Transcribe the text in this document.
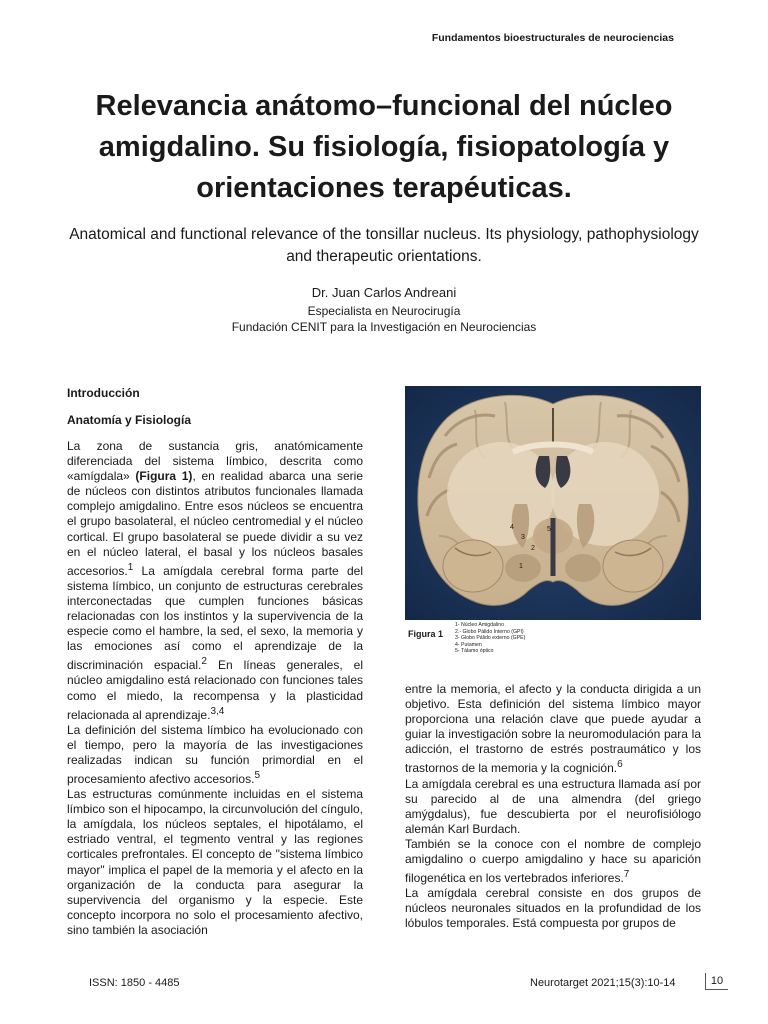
Fundamentos bioestructurales de neurociencias
Relevancia anátomo–funcional del núcleo amigdalino. Su fisiología, fisiopatología y orientaciones terapéuticas.

Anatomical and functional relevance of the tonsillar nucleus. Its physiology, pathophysiology and therapeutic orientations.

Dr. Juan Carlos Andreani
Especialista en Neurocirugía
Fundación CENIT para la Investigación en Neurociencias

Introducción

Anatomía y Fisiología

La zona de sustancia gris, anatómicamente diferenciada del sistema límbico, descrita como «amígdala» (Figura 1), en realidad abarca una serie de núcleos con distintos atributos funcionales llamada complejo amigdalino. Entre esos núcleos se encuentra el grupo basolateral, el núcleo centromedial y el núcleo cortical. El grupo basolateral se puede dividir a su vez en el núcleo lateral, el basal y los núcleos basales accesorios.$^1$ La amígdala cerebral forma parte del sistema límbico, un conjunto de estructuras cerebrales interconectadas que cumplen funciones básicas relacionadas con los instintos y la supervivencia de la especie como el hambre, la sed, el sexo, la memoria y las emociones así como el aprendizaje de la discriminación espacial.$^2$ En líneas generales, el núcleo amigdalino está relacionado con funciones tales como el miedo, la recompensa y la plasticidad relacionada al aprendizaje.$^{3,4}$

La definición del sistema límbico ha evolucionado con el tiempo, pero la mayoría de las investigaciones realizadas indican su función primordial en el procesamiento afectivo accesorios.$^5$

Las estructuras comúnmente incluidas en el sistema límbico son el hipocampo, la circunvolución del cíngulo, la amígdala, los núcleos septales, el hipotálamo, el estriado ventral, el tegmento ventral y las regiones corticales prefrontales. El concepto de "sistema límbico mayor" implica el papel de la memoria y el afecto en la organización de la conducta para asegurar la supervivencia del organismo y la especie. Este concepto incorpora no solo el procesamiento afectivo, sino también la asociación

4
3
5
2
1
Figura 1
1- Núcleo Amigdalino
2.- Globo Pálido Interno (GPI)
3- Globo Pálido externo (GPE)
4- Putamen
5- Tálamo óptico

entre la memoria, el afecto y la conducta dirigida a un objetivo. Esta definición del sistema límbico mayor proporciona una relación clave que puede ayudar a guiar la investigación sobre la neuromodulación para la adicción, el trastorno de estrés postraumático y los trastornos de la memoria y la cognición.$^6$

La amígdala cerebral es una estructura llamada así por su parecido al de una almendra (del griego amýgdalus), fue descubierta por el neurofisiólogo alemán Karl Burdach.

También se la conoce con el nombre de complejo amigdalino o cuerpo amigdalino y hace su aparición filogenética en los vertebrados inferiores.$^7$

La amígdala cerebral consiste en dos grupos de núcleos neuronales situados en la profundidad de los lóbulos temporales. Está compuesta por grupos de

ISSN: 1850 - 4485	Neurotarget 2021;15(3):10-14	10
